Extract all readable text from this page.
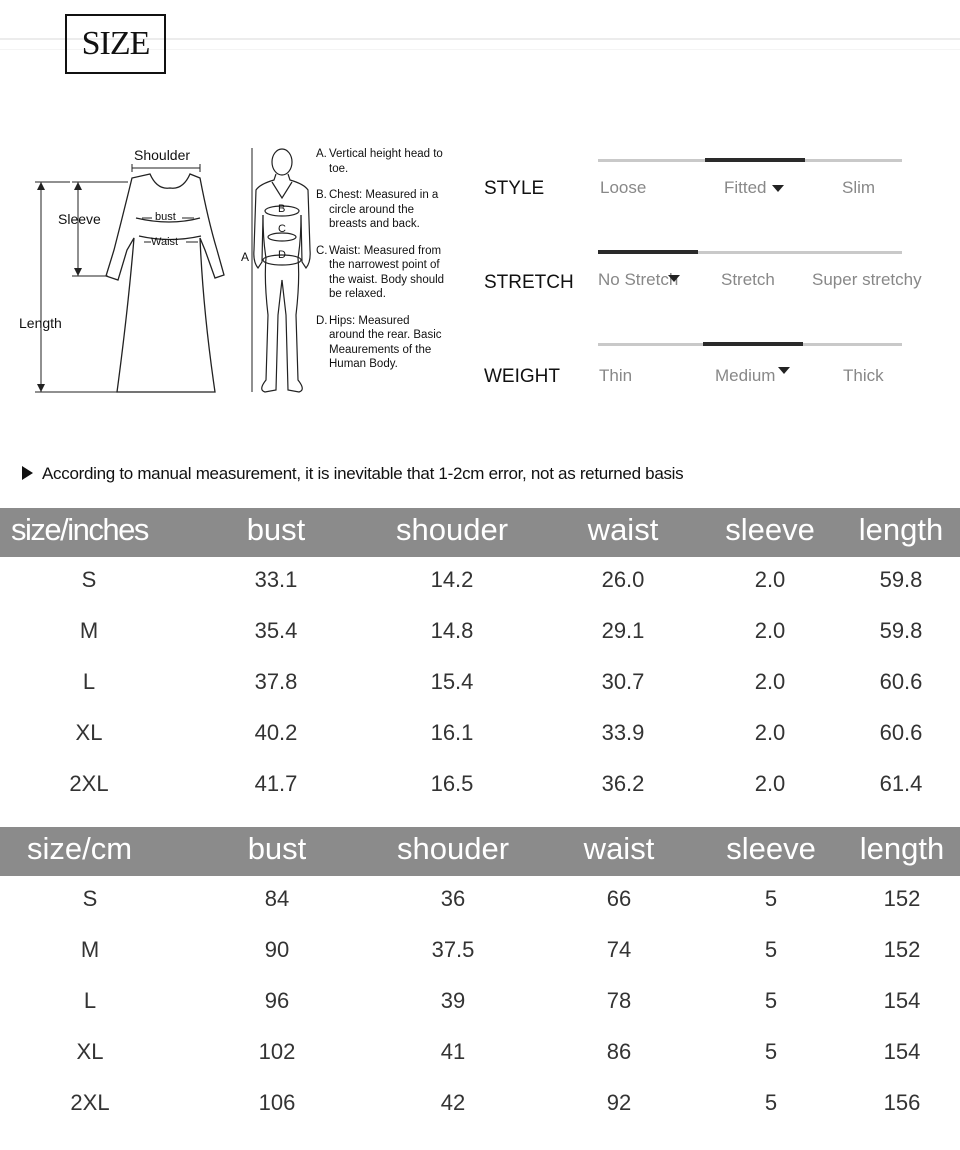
SIZE
Shoulder
Sleeve
Length
bust
Waist
A
B
C
D
A. Vertical height head to toe.
B. Chest: Measured in a circle around the breasts and back.
C. Waist: Measured from the narrowest point of the waist. Body should be relaxed.
D. Hips: Measured around the rear. Basic Meaurements of the Human Body.
STYLE	Loose	Fitted	Slim
STRETCH No Stretch	Stretch Super stretchy
WEIGHT Thin	Medium	Thick
According to manual measurement, it is inevitable that 1-2cm error, not as returned basis
size/inches	bust	shouder	waist sleeve length
S	33.1	14.2	26.0	2.0	59.8
M	35.4	14.8	29.1	2.0	59.8
L	37.8	15.4	30.7	2.0	60.6
XL	40.2	16.1	33.9	2.0	60.6
2XL	41.7	16.5	36.2	2.0	61.4
size/cm	bust	shouder waist sleeve length
S	84	36	66	5	152
M	90	37.5	74	5	152
L	96	39	78	5	154
XL	102	41	86	5	154
2XL	106	42	92	5	156
